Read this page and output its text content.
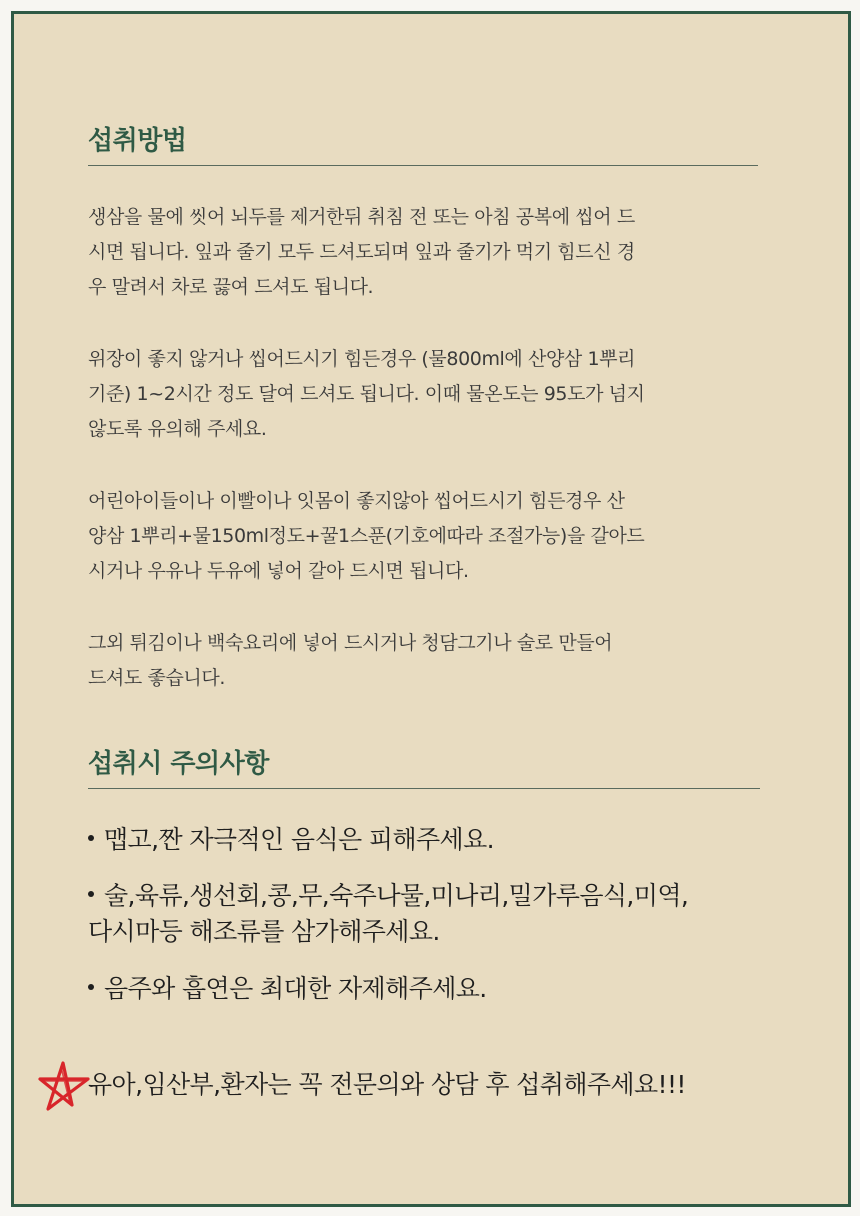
섭취방법

생삼을 물에 씻어 뇌두를 제거한뒤 취침 전 또는 아침 공복에 씹어 드
시면 됩니다. 잎과 줄기 모두 드셔도되며 잎과 줄기가 먹기 힘드신 경
우 말려서 차로 끓여 드셔도 됩니다.

위장이 좋지 않거나 씹어드시기 힘든경우 (물800ml에 산양삼 1뿌리
기준) 1~2시간 정도 달여 드셔도 됩니다. 이때 물온도는 95도가 넘지
않도록 유의해 주세요.

어린아이들이나 이빨이나 잇몸이 좋지않아 씹어드시기 힘든경우 산
양삼 1뿌리+물150ml정도+꿀1스푼(기호에따라 조절가능)을 갈아드
시거나 우유나 두유에 넣어 갈아 드시면 됩니다.

그외 튀김이나 백숙요리에 넣어 드시거나 청담그기나 술로 만들어
드셔도 좋습니다.

섭취시 주의사항
맵고,짠 자극적인 음식은 피해주세요.
술,육류,생선회,콩,무,숙주나물,미나리,밀가루음식,미역,
다시마등 해조류를 삼가해주세요.
음주와 흡연은 최대한 자제해주세요.
유아,임산부,환자는 꼭 전문의와 상담 후 섭취해주세요!!!
